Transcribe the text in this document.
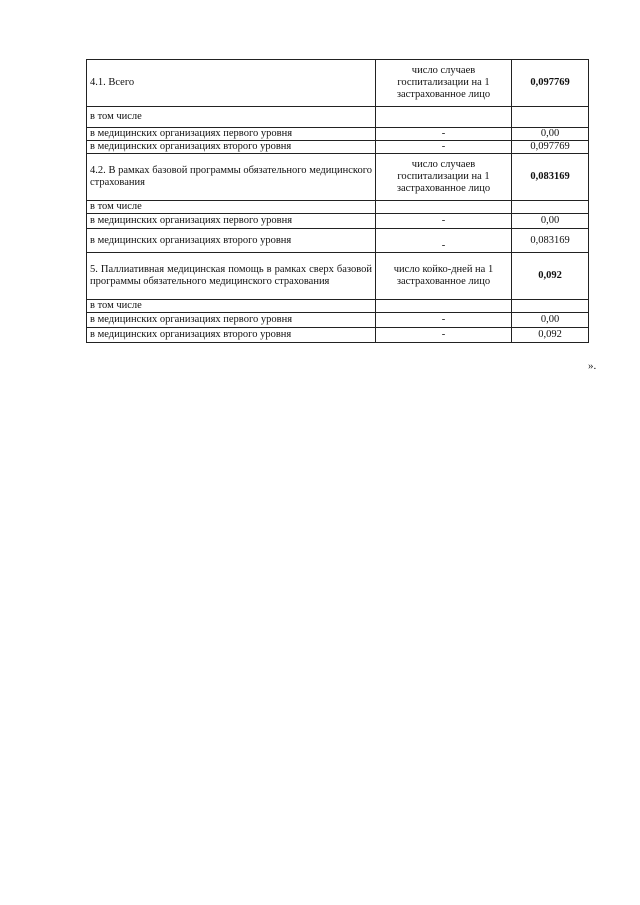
4.1. Всего	число случаев госпитализации на 1 застрахованное лицо	0,097769
в том числе		
в медицинских организациях первого уровня	-	0,00
в медицинских организациях второго уровня	-	0,097769
4.2. В рамках базовой программы обязательного медицинского страхования	число случаев госпитализации на 1 застрахованное лицо	0,083169
в том числе		
в медицинских организациях первого уровня	-	0,00
в медицинских организациях второго уровня	-	0,083169
5. Паллиативная медицинская помощь в рамках сверх базовой программы обязательного медицинского страхования	число койко-дней на 1 застрахованное лицо	0,092
в том числе		
в медицинских организациях первого уровня	-	0,00
в медицинских организациях второго уровня	-	0,092
».
